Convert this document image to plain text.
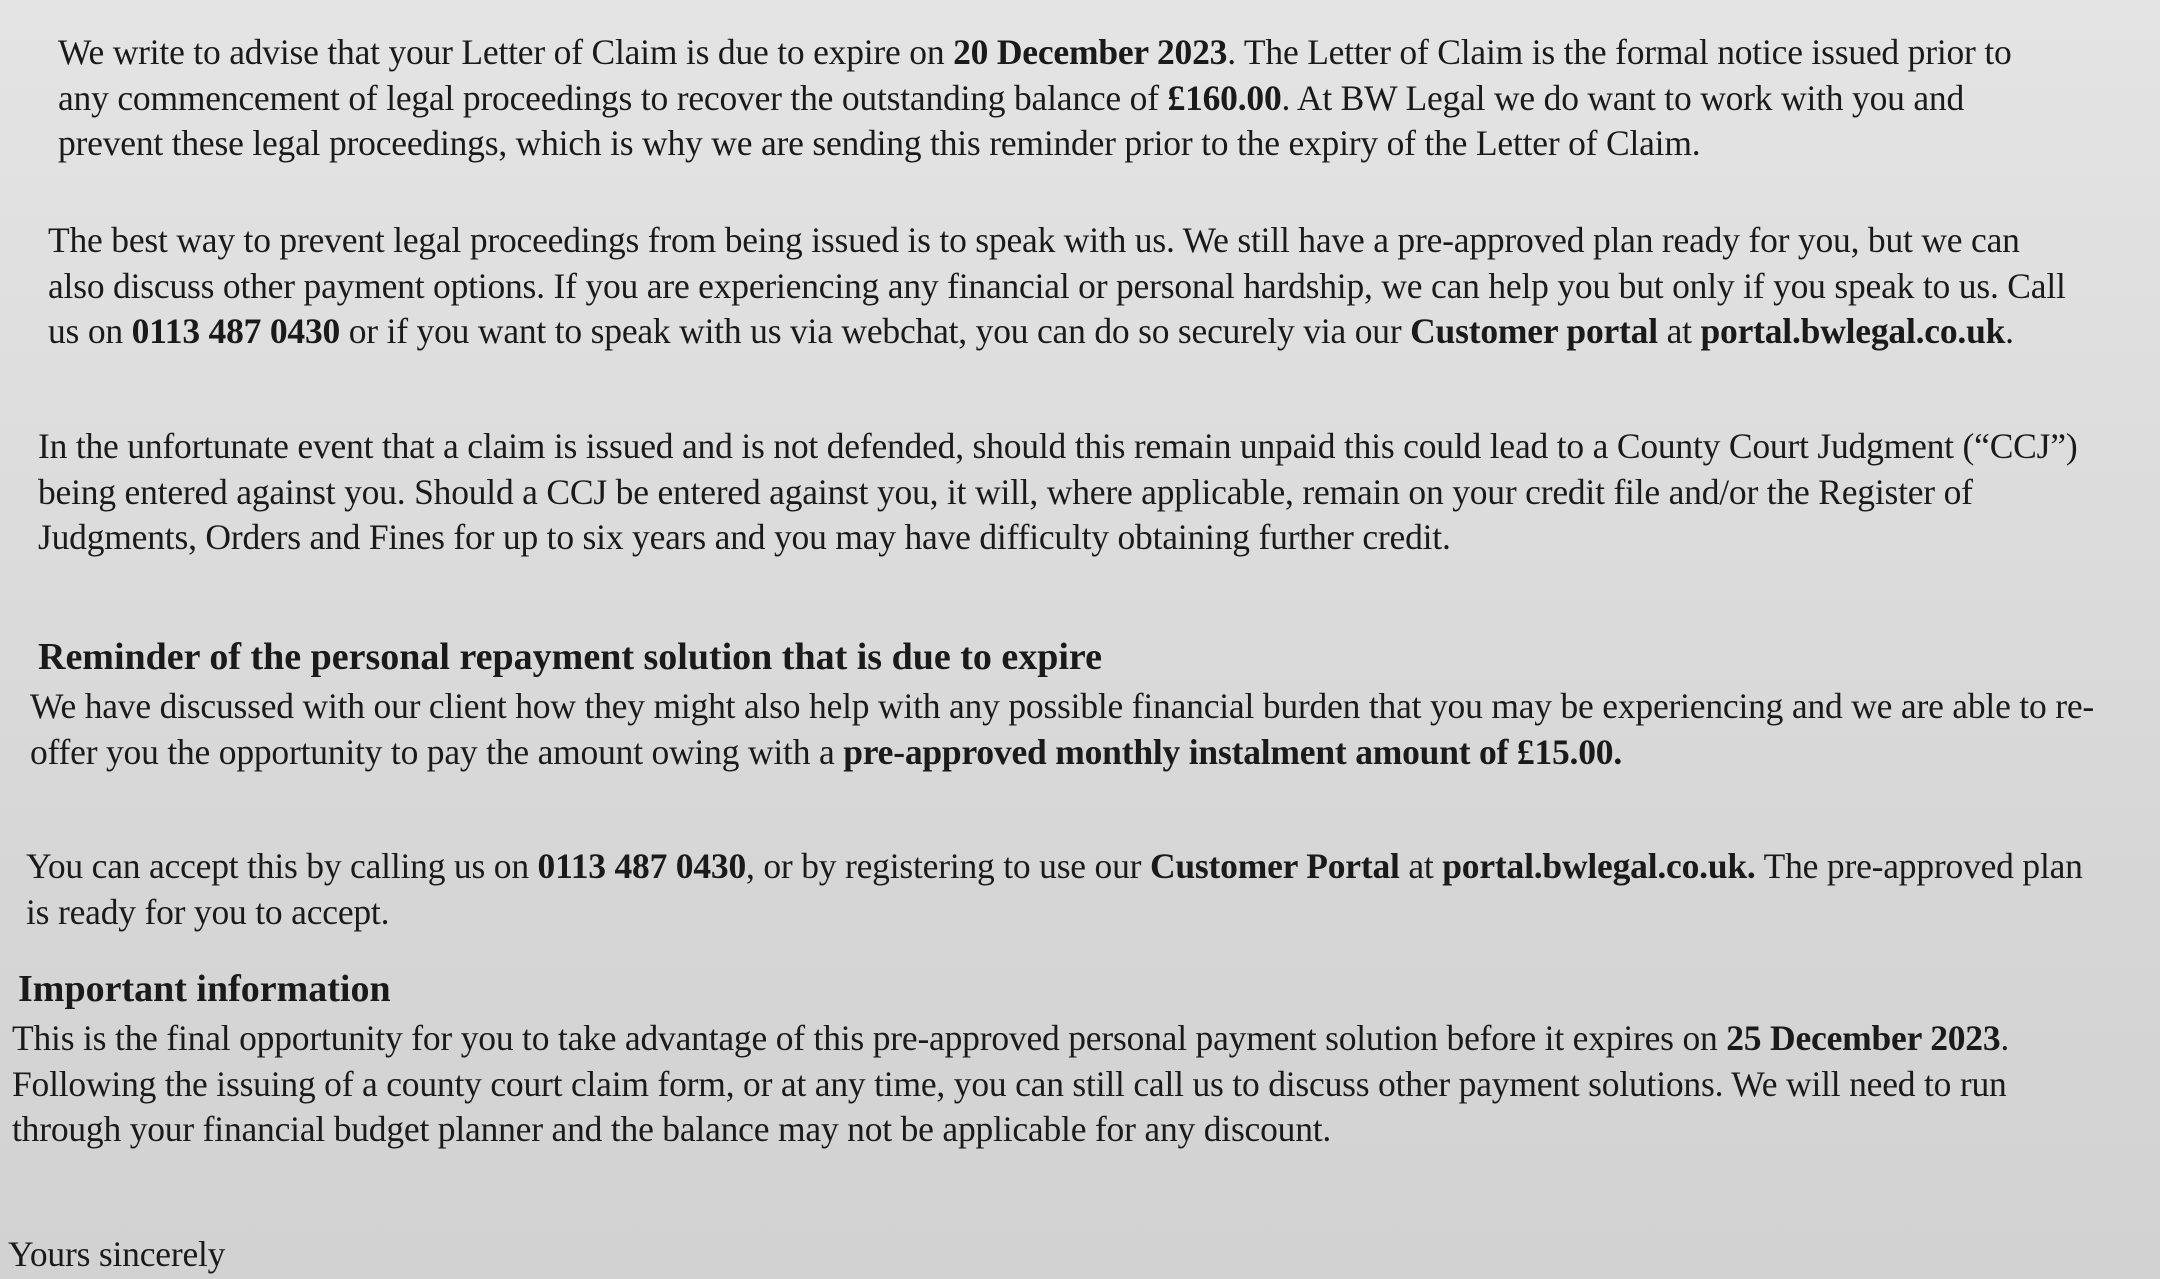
We write to advise that your Letter of Claim is due to expire on 20 December 2023. The Letter of Claim is the formal notice issued prior to any commencement of legal proceedings to recover the outstanding balance of £160.00. At BW Legal we do want to work with you and prevent these legal proceedings, which is why we are sending this reminder prior to the expiry of the Letter of Claim.

The best way to prevent legal proceedings from being issued is to speak with us. We still have a pre-approved plan ready for you, but we can also discuss other payment options. If you are experiencing any financial or personal hardship, we can help you but only if you speak to us. Call us on 0113 487 0430 or if you want to speak with us via webchat, you can do so securely via our Customer portal at portal.bwlegal.co.uk.

In the unfortunate event that a claim is issued and is not defended, should this remain unpaid this could lead to a County Court Judgment (“CCJ”) being entered against you. Should a CCJ be entered against you, it will, where applicable, remain on your credit file and/or the Register of Judgments, Orders and Fines for up to six years and you may have difficulty obtaining further credit.

Reminder of the personal repayment solution that is due to expire

We have discussed with our client how they might also help with any possible financial burden that you may be experiencing and we are able to re-offer you the opportunity to pay the amount owing with a pre-approved monthly instalment amount of £15.00.

You can accept this by calling us on 0113 487 0430, or by registering to use our Customer Portal at portal.bwlegal.co.uk. The pre-approved plan is ready for you to accept.

Important information

This is the final opportunity for you to take advantage of this pre-approved personal payment solution before it expires on 25 December 2023. Following the issuing of a county court claim form, or at any time, you can still call us to discuss other payment solutions. We will need to run through your financial budget planner and the balance may not be applicable for any discount.

Yours sincerely
